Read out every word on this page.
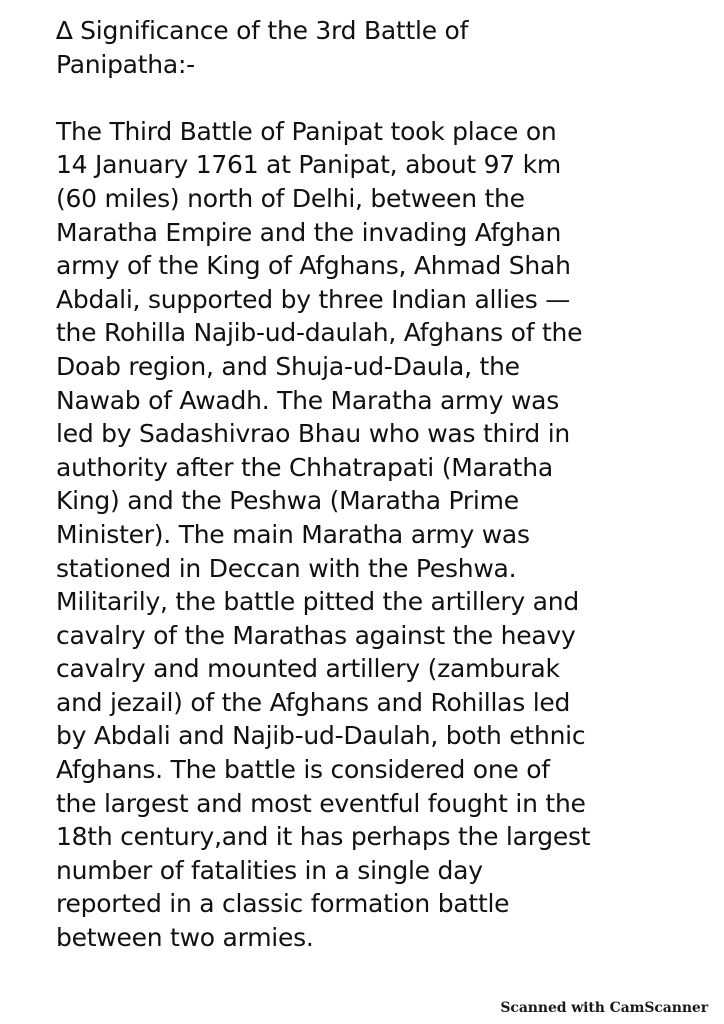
∆ Significance of the 3rd Battle of
Panipatha:-
The Third Battle of Panipat took place on
14 January 1761 at Panipat, about 97 km
(60 miles) north of Delhi, between the
Maratha Empire and the invading Afghan
army of the King of Afghans, Ahmad Shah
Abdali, supported by three Indian allies —
the Rohilla Najib-ud-daulah, Afghans of the
Doab region, and Shuja-ud-Daula, the
Nawab of Awadh. The Maratha army was
led by Sadashivrao Bhau who was third in
authority after the Chhatrapati (Maratha
King) and the Peshwa (Maratha Prime
Minister). The main Maratha army was
stationed in Deccan with the Peshwa.
Militarily, the battle pitted the artillery and
cavalry of the Marathas against the heavy
cavalry and mounted artillery (zamburak
and jezail) of the Afghans and Rohillas led
by Abdali and Najib-ud-Daulah, both ethnic
Afghans. The battle is considered one of
the largest and most eventful fought in the
18th century,and it has perhaps the largest
number of fatalities in a single day
reported in a classic formation battle
between two armies.
Scanned with CamScanner
